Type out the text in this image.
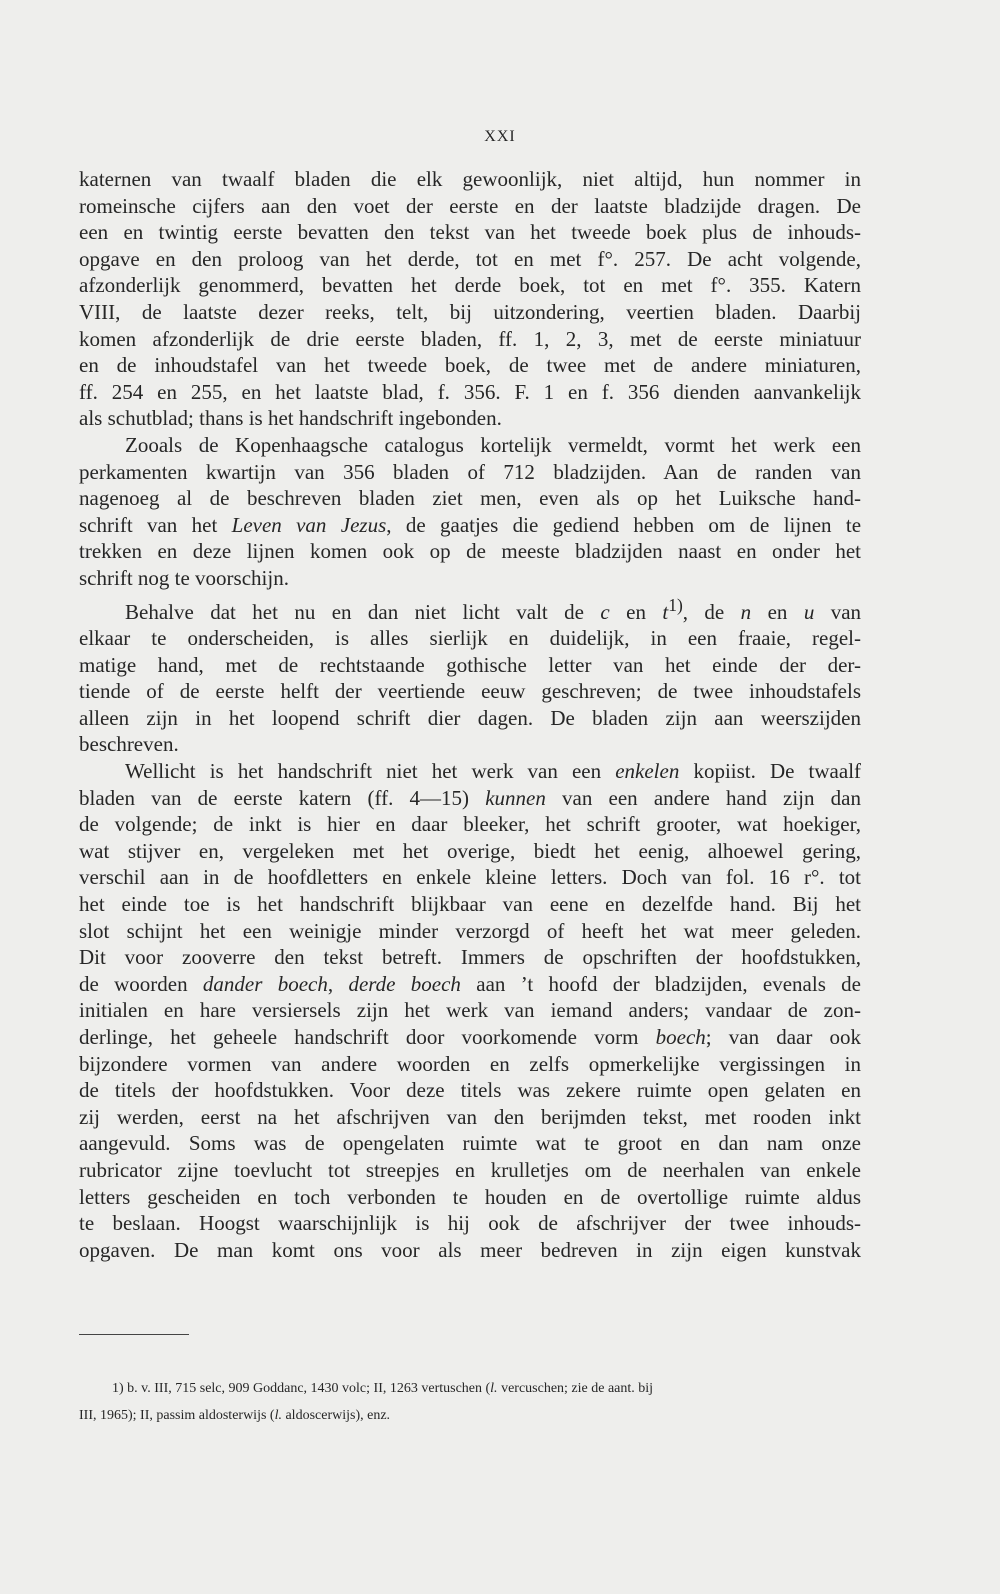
XXI
katernen van twaalf bladen die elk gewoonlijk, niet altijd, hun nommer in
romeinsche cijfers aan den voet der eerste en der laatste bladzijde dragen. De
een en twintig eerste bevatten den tekst van het tweede boek plus de inhouds-
opgave en den proloog van het derde, tot en met f°. 257. De acht volgende,
afzonderlijk genommerd, bevatten het derde boek, tot en met f°. 355. Katern
VIII, de laatste dezer reeks, telt, bij uitzondering, veertien bladen. Daarbij
komen afzonderlijk de drie eerste bladen, ff. 1, 2, 3, met de eerste miniatuur
en de inhoudstafel van het tweede boek, de twee met de andere miniaturen,
ff. 254 en 255, en het laatste blad, f. 356. F. 1 en f. 356 dienden aanvankelijk
als schutblad; thans is het handschrift ingebonden.
Zooals de Kopenhaagsche catalogus kortelijk vermeldt, vormt het werk een
perkamenten kwartijn van 356 bladen of 712 bladzijden. Aan de randen van
nagenoeg al de beschreven bladen ziet men, even als op het Luiksche hand-
schrift van het Leven van Jezus, de gaatjes die gediend hebben om de lijnen te
trekken en deze lijnen komen ook op de meeste bladzijden naast en onder het
schrift nog te voorschijn.
Behalve dat het nu en dan niet licht valt de c en $t^{1)}$, de n en u van
elkaar te onderscheiden, is alles sierlijk en duidelijk, in een fraaie, regel-
matige hand, met de rechtstaande gothische letter van het einde der der-
tiende of de eerste helft der veertiende eeuw geschreven; de twee inhoudstafels
alleen zijn in het loopend schrift dier dagen. De bladen zijn aan weerszijden
beschreven.
Wellicht is het handschrift niet het werk van een enkelen kopiist. De twaalf
bladen van de eerste katern (ff. 4—15) kunnen van een andere hand zijn dan
de volgende; de inkt is hier en daar bleeker, het schrift grooter, wat hoekiger,
wat stijver en, vergeleken met het overige, biedt het eenig, alhoewel gering,
verschil aan in de hoofdletters en enkele kleine letters. Doch van fol. 16 r°. tot
het einde toe is het handschrift blijkbaar van eene en dezelfde hand. Bij het
slot schijnt het een weinigje minder verzorgd of heeft het wat meer geleden.
Dit voor zooverre den tekst betreft. Immers de opschriften der hoofdstukken,
de woorden dander boech, derde boech aan ’t hoofd der bladzijden, evenals de
initialen en hare versiersels zijn het werk van iemand anders; vandaar de zon-
derlinge, het geheele handschrift door voorkomende vorm boech; van daar ook
bijzondere vormen van andere woorden en zelfs opmerkelijke vergissingen in
de titels der hoofdstukken. Voor deze titels was zekere ruimte open gelaten en
zij werden, eerst na het afschrijven van den berijmden tekst, met rooden inkt
aangevuld. Soms was de opengelaten ruimte wat te groot en dan nam onze
rubricator zijne toevlucht tot streepjes en krulletjes om de neerhalen van enkele
letters gescheiden en toch verbonden te houden en de overtollige ruimte aldus
te beslaan. Hoogst waarschijnlijk is hij ook de afschrijver der twee inhouds-
opgaven. De man komt ons voor als meer bedreven in zijn eigen kunstvak
1) b. v. III, 715 selc, 909 Goddanc, 1430 volc; II, 1263 vertuschen (l. vercuschen; zie de aant. bij
III, 1965); II, passim aldosterwijs (l. aldoscerwijs), enz.
